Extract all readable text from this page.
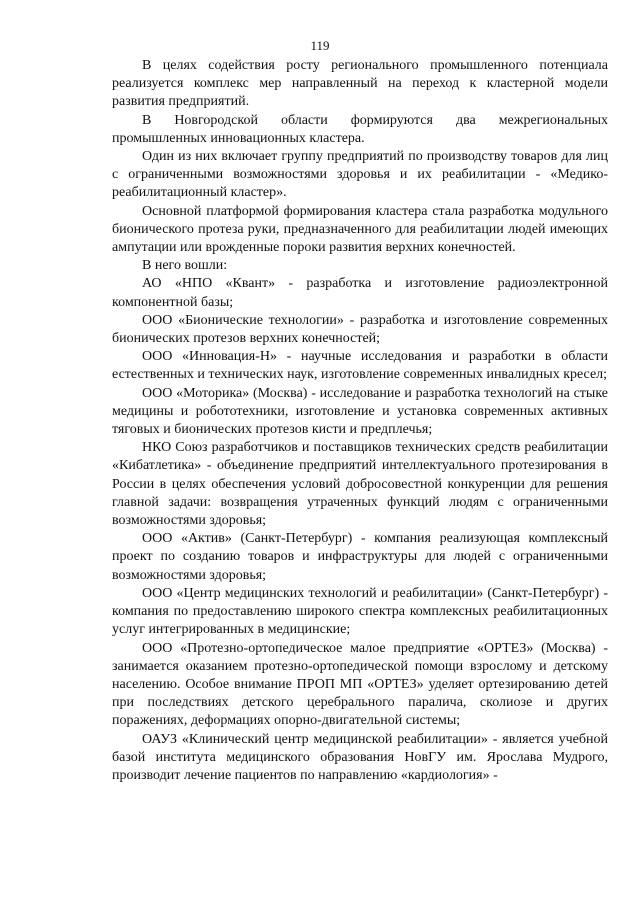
119

В целях содействия росту регионального промышленного потенциала реализуется комплекс мер направленный на переход к кластерной модели развития предприятий.

В Новгородской области формируются два межрегиональных промышленных инновационных кластера.

Один из них включает группу предприятий по производству товаров для лиц с ограниченными возможностями здоровья и их реабилитации - «Медико-реабилитационный кластер».

Основной платформой формирования кластера стала разработка модульного бионического протеза руки, предназначенного для реабилитации людей имеющих ампутации или врожденные пороки развития верхних конечностей.

В него вошли:

АО «НПО «Квант» - разработка и изготовление радиоэлектронной компонентной базы;

ООО «Бионические технологии» - разработка и изготовление современных бионических протезов верхних конечностей;

ООО «Инновация-Н» - научные исследования и разработки в области естественных и технических наук, изготовление современных инвалидных кресел;

ООО «Моторика» (Москва) - исследование и разработка технологий на стыке медицины и робототехники, изготовление и установка современных активных тяговых и бионических протезов кисти и предплечья;

НКО Союз разработчиков и поставщиков технических средств реабилитации «Кибатлетика» - объединение предприятий интеллектуального протезирования в России в целях обеспечения условий добросовестной конкуренции для решения главной задачи: возвращения утраченных функций людям с ограниченными возможностями здоровья;

ООО «Актив» (Санкт-Петербург) - компания реализующая комплексный проект по созданию товаров и инфраструктуры для людей с ограниченными возможностями здоровья;

ООО «Центр медицинских технологий и реабилитации» (Санкт-Петербург) - компания по предоставлению широкого спектра комплексных реабилитационных услуг интегрированных в медицинские;

ООО «Протезно-ортопедическое малое предприятие «ОРТЕЗ» (Москва) - занимается оказанием протезно-ортопедической помощи взрослому и детскому населению. Особое внимание ПРОП МП «ОРТЕЗ» уделяет ортезированию детей при последствиях детского церебрального паралича, сколиозе и других поражениях, деформациях опорно-двигательной системы;

ОАУЗ «Клинический центр медицинской реабилитации» - является учебной базой института медицинского образования НовГУ им. Ярослава Мудрого, производит лечение пациентов по направлению «кардиология» -
